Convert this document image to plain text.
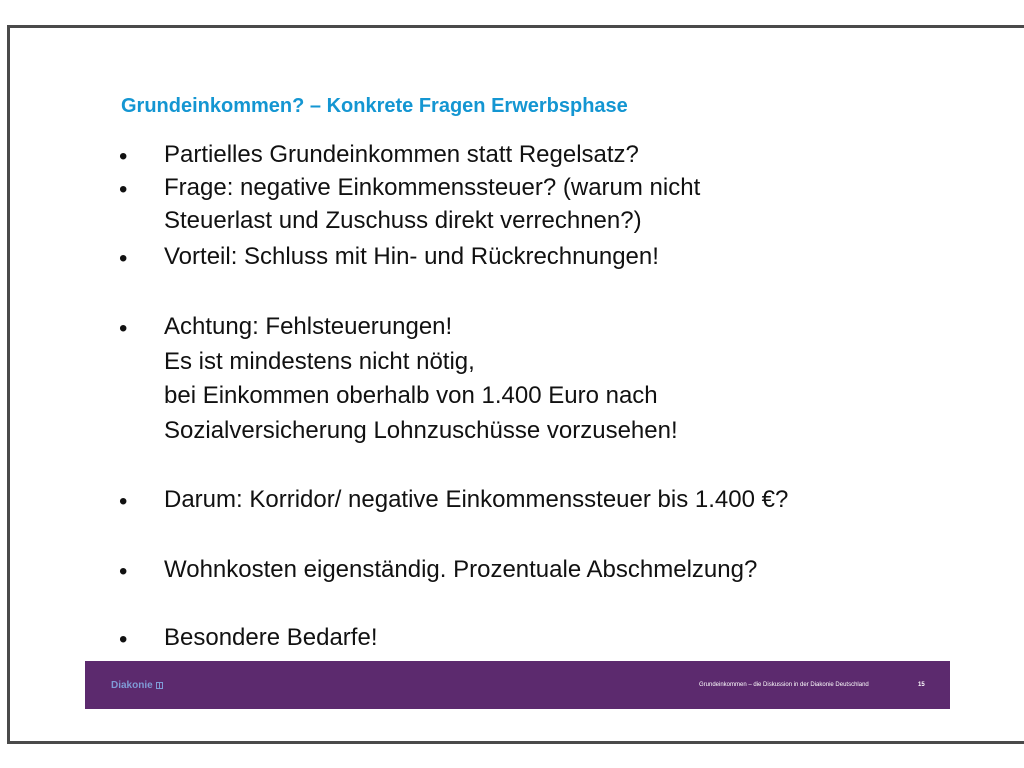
Grundeinkommen? – Konkrete Fragen Erwerbsphase
• Partielles Grundeinkommen statt Regelsatz?
• Frage: negative Einkommenssteuer? (warum nicht
Steuerlast und Zuschuss direkt verrechnen?)
• Vorteil: Schluss mit Hin- und Rückrechnungen!
• Achtung: Fehlsteuerungen!
Es ist mindestens nicht nötig,
bei Einkommen oberhalb von 1.400 Euro nach
Sozialversicherung Lohnzuschüsse vorzusehen!
• Darum: Korridor/ negative Einkommenssteuer bis 1.400 €?
• Wohnkosten eigenständig. Prozentuale Abschmelzung?
• Besondere Bedarfe!
Diakonie	Grundeinkommen – die Diskussion in der Diakonie Deutschland	15
